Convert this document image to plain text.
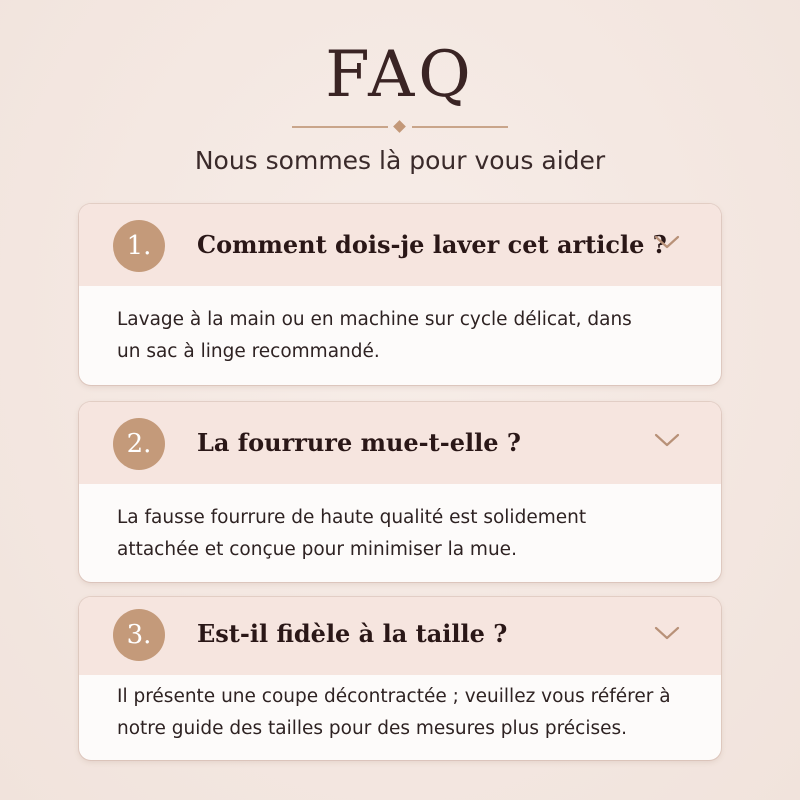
FAQ
Nous sommes là pour vous aider
1.	Comment dois-je laver cet article ?
Lavage à la main ou en machine sur cycle délicat, dans
un sac à linge recommandé.
2.	La fourrure mue-t-elle ?
La fausse fourrure de haute qualité est solidement
attachée et conçue pour minimiser la mue.
3.	Est-il fidèle à la taille ?
Il présente une coupe décontractée ; veuillez vous référer à
notre guide des tailles pour des mesures plus précises.
